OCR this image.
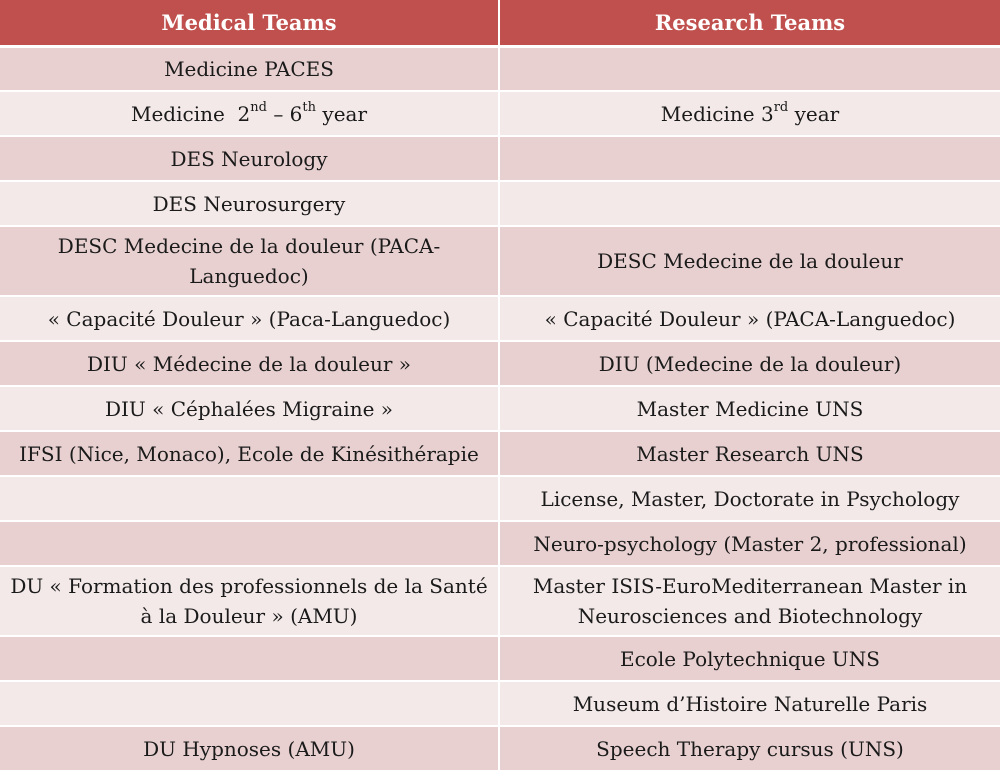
Medical Teams	Research Teams
Medicine PACES	
Medicine  2nd – 6th year	Medicine 3rd year
DES Neurology	
DES Neurosurgery	
DESC Medecine de la douleur (PACA-Languedoc)	DESC Medecine de la douleur
« Capacité Douleur » (Paca-Languedoc)	« Capacité Douleur » (PACA-Languedoc)
DIU « Médecine de la douleur »	DIU (Medecine de la douleur)
DIU « Céphalées Migraine »	Master Medicine UNS
IFSI (Nice, Monaco), Ecole de Kinésithérapie	Master Research UNS
	License, Master, Doctorate in Psychology
	Neuro-psychology (Master 2, professional)
DU « Formation des professionnels de la Santé à la Douleur » (AMU)	Master ISIS-EuroMediterranean Master in Neurosciences and Biotechnology
	Ecole Polytechnique UNS
	Museum d’Histoire Naturelle Paris
DU Hypnoses (AMU)	Speech Therapy cursus (UNS)
